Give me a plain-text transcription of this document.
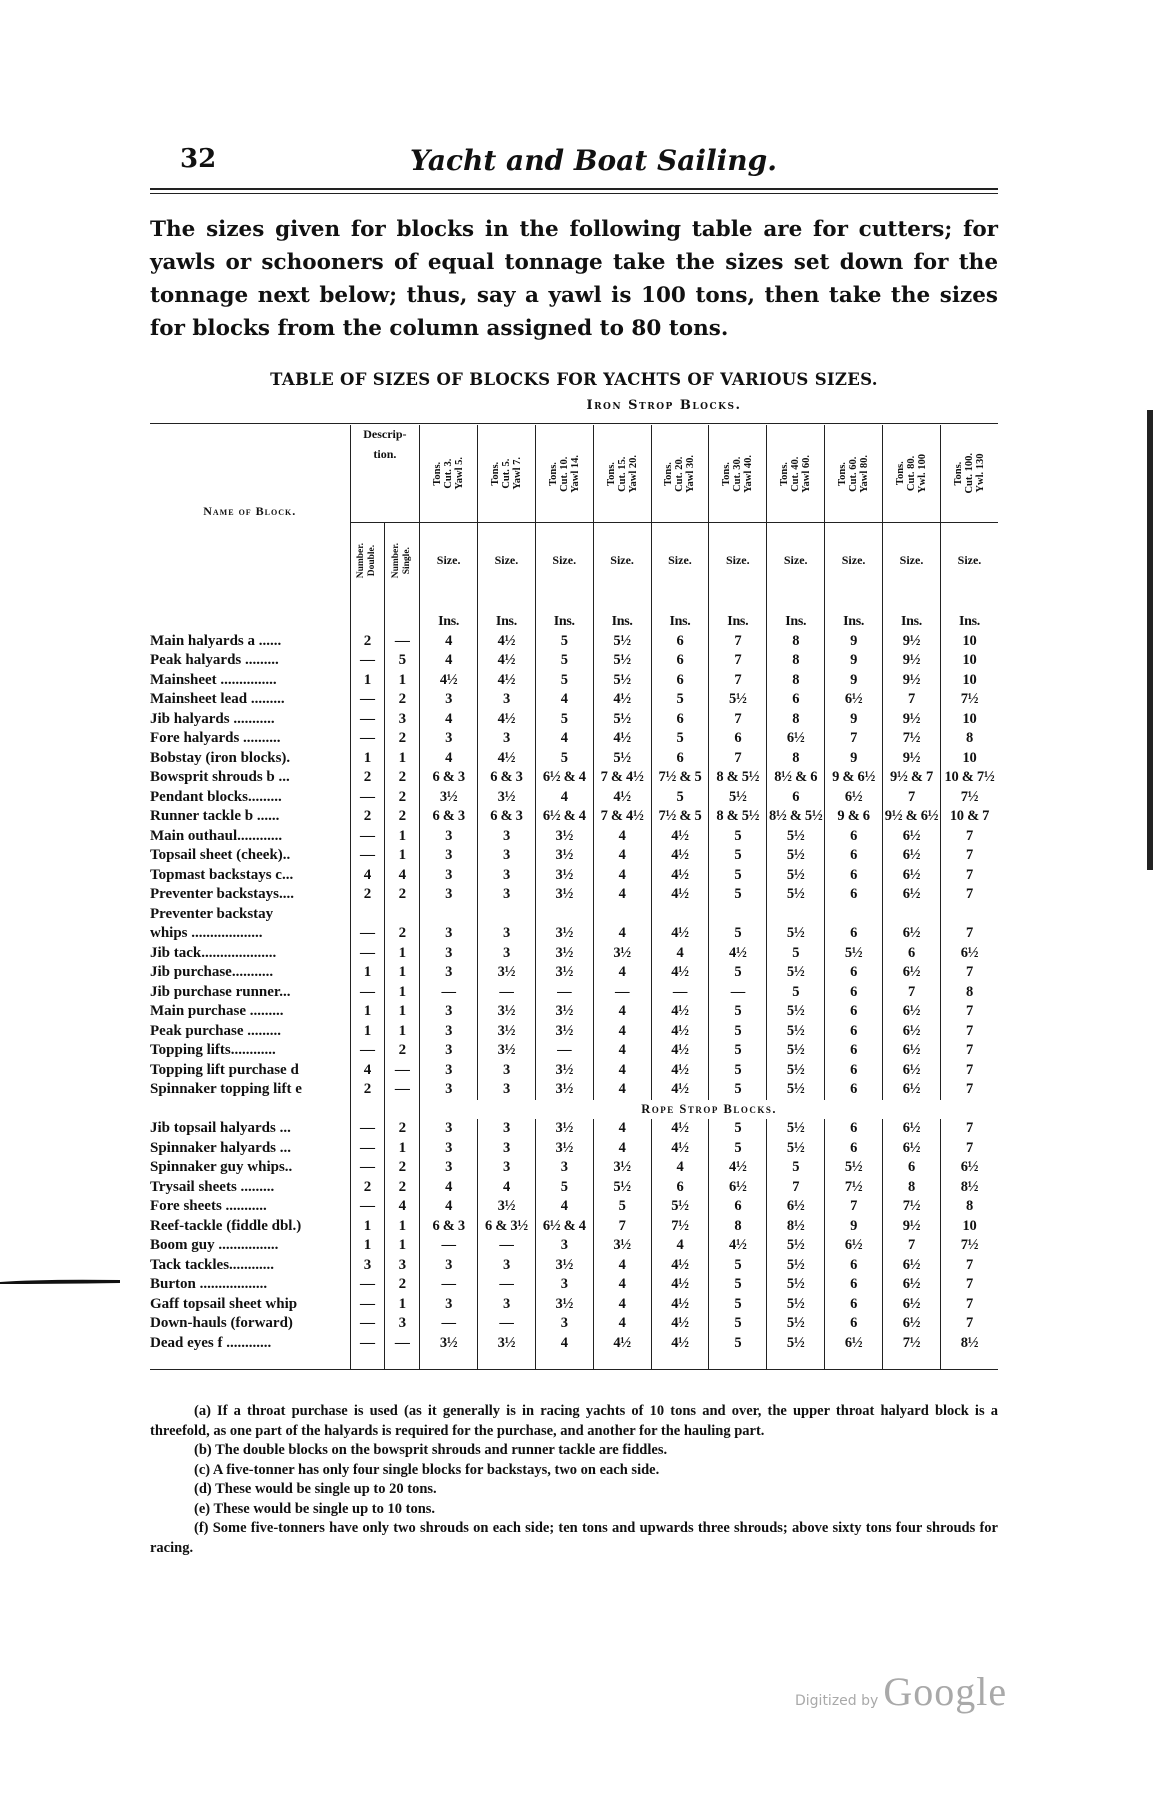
32	Yacht and Boat Sailing.

The sizes given for blocks in the following table are for cutters; for yawls or schooners of equal tonnage take the sizes set down for the tonnage next below; thus, say a yawl is 100 tons, then take the sizes for blocks from the column assigned to 80 tons.

TABLE OF SIZES OF BLOCKS FOR YACHTS OF VARIOUS SIZES.
Iron Strop Blocks.
Name of Block.	Descrip-
tion.		Tons.
Cut. 3.
Yawl 5.	Tons.
Cut. 5.
Yawl 7.	Tons.
Cut. 10.
Yawl 14.	Tons.
Cut. 15.
Yawl 20.	Tons.
Cut. 20.
Yawl 30.	Tons.
Cut. 30.
Yawl 40.	Tons.
Cut. 40.
Yawl 60.	Tons.
Cut. 60.
Yawl 80.	Tons.
Cut. 80.
Ywl. 100	Tons.
Cut. 100.
Ywl. 130

	Number.
Double.	Number.
Single.	Size.	Size.	Size.	Size.	Size.	Size.	Size.	Size.	Size.	Size.

			Ins.	Ins.	Ins.	Ins.	Ins.	Ins.	Ins.	Ins.	Ins.	Ins.
Main halyards a ......	2	—	4	4½	5	5½	6	7	8	9	9½	10
Peak halyards .........	—	5	4	4½	5	5½	6	7	8	9	9½	10
Mainsheet ...............	1	1	4½	4½	5	5½	6	7	8	9	9½	10
Mainsheet lead .........	—	2	3	3	4	4½	5	5½	6	6½	7	7½
Jib halyards ...........	—	3	4	4½	5	5½	6	7	8	9	9½	10
Fore halyards ..........	—	2	3	3	4	4½	5	6	6½	7	7½	8
Bobstay (iron blocks).	1	1	4	4½	5	5½	6	7	8	9	9½	10
Bowsprit shrouds b ...	2	2	6 & 3	6 & 3	6½ & 4	7 & 4½	7½ & 5	8 & 5½	8½ & 6	9 & 6½	9½ & 7	10 & 7½
Pendant blocks.........	—	2	3½	3½	4	4½	5	5½	6	6½	7	7½
Runner tackle b ......	2	2	6 & 3	6 & 3	6½ & 4	7 & 4½	7½ & 5	8 & 5½	8½ & 5½	9 & 6	9½ & 6½	10 & 7
Main outhaul............	—	1	3	3	3½	4	4½	5	5½	6	6½	7
Topsail sheet (cheek)..	—	1	3	3	3½	4	4½	5	5½	6	6½	7
Topmast backstays c...	4	4	3	3	3½	4	4½	5	5½	6	6½	7
Preventer backstays....	2	2	3	3	3½	4	4½	5	5½	6	6½	7
Preventer backstay												
whips ...................	—	2	3	3	3½	4	4½	5	5½	6	6½	7
Jib tack....................	—	1	3	3	3½	3½	4	4½	5	5½	6	6½
Jib purchase...........	1	1	3	3½	3½	4	4½	5	5½	6	6½	7
Jib purchase runner...	—	1	—	—	—	—	—	—	5	6	7	8
Main purchase .........	1	1	3	3½	3½	4	4½	5	5½	6	6½	7
Peak purchase .........	1	1	3	3½	3½	4	4½	5	5½	6	6½	7
Topping lifts............	—	2	3	3½	—	4	4½	5	5½	6	6½	7
Topping lift purchase d	4	—	3	3	3½	4	4½	5	5½	6	6½	7
Spinnaker topping lift e	2	—	3	3	3½	4	4½	5	5½	6	6½	7
			Rope Strop Blocks.									
Jib topsail halyards ...	—	2	3	3	3½	4	4½	5	5½	6	6½	7
Spinnaker halyards ...	—	1	3	3	3½	4	4½	5	5½	6	6½	7
Spinnaker guy whips..	—	2	3	3	3	3½	4	4½	5	5½	6	6½
Trysail sheets .........	2	2	4	4	5	5½	6	6½	7	7½	8	8½
Fore sheets ...........	—	4	4	3½	4	5	5½	6	6½	7	7½	8
Reef-tackle (fiddle dbl.)	1	1	6 & 3	6 & 3½	6½ & 4	7	7½	8	8½	9	9½	10
Boom guy ................	1	1	—	—	3	3½	4	4½	5½	6½	7	7½
Tack tackles............	3	3	3	3	3½	4	4½	5	5½	6	6½	7
Burton ..................	—	2	—	—	3	4	4½	5	5½	6	6½	7
Gaff topsail sheet whip	—	1	3	3	3½	4	4½	5	5½	6	6½	7
Down-hauls (forward)	—	3	—	—	3	4	4½	5	5½	6	6½	7
Dead eyes f ............	—	—	3½	3½	4	4½	4½	5	5½	6½	7½	8½

(a) If a throat purchase is used (as it generally is in racing yachts of 10 tons and over, the upper throat halyard block is a threefold, as one part of the halyards is required for the purchase, and another for the hauling part.

(b) The double blocks on the bowsprit shrouds and runner tackle are fiddles.

(c) A five-tonner has only four single blocks for backstays, two on each side.

(d) These would be single up to 20 tons.

(e) These would be single up to 10 tons.

(f) Some five-tonners have only two shrouds on each side; ten tons and upwards three shrouds; above sixty tons four shrouds for racing.

Digitized by Google
